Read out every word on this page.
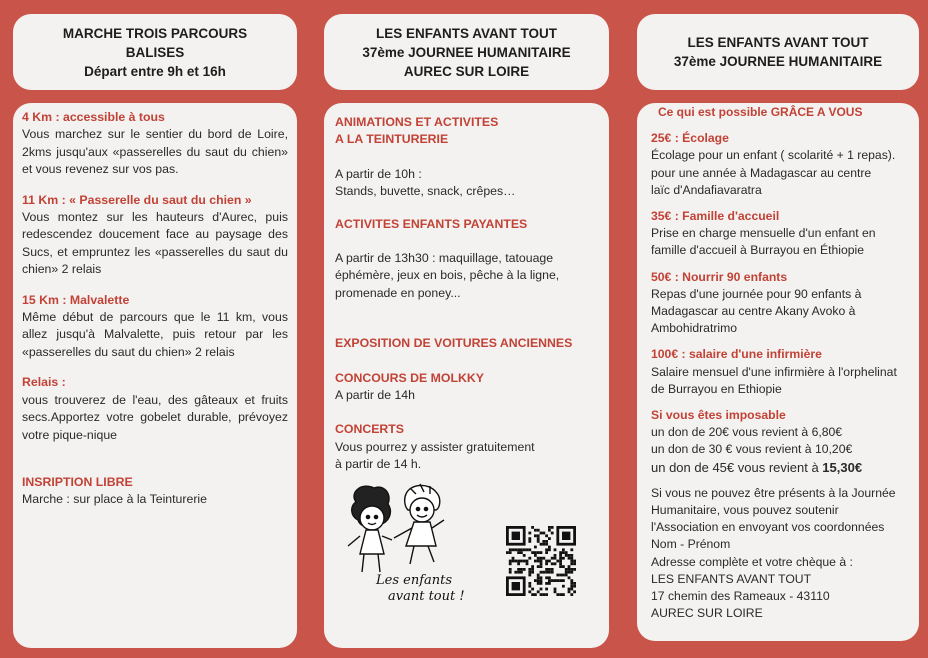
MARCHE TROIS PARCOURS
BALISES
Départ entre 9h et 16h
4 Km : accessible à tous
Vous marchez sur le sentier du bord de Loire, 2kms jusqu'aux «passerelles du saut du chien» et vous revenez sur vos pas.
11 Km : « Passerelle du saut du chien »
Vous montez sur les hauteurs d'Aurec, puis redescendez doucement face au paysage des Sucs, et empruntez les «passerelles du saut du chien» 2 relais
15 Km : Malvalette
Même début de parcours que le 11 km, vous allez jusqu'à Malvalette, puis retour par les «passerelles du saut du chien» 2 relais
Relais :
vous trouverez de l'eau, des gâteaux et fruits secs.Apportez votre gobelet durable, prévoyez votre pique-nique
INSRIPTION LIBRE
Marche : sur place à la Teinturerie
LES ENFANTS AVANT TOUT
37ème JOURNEE HUMANITAIRE
AUREC SUR LOIRE
ANIMATIONS ET ACTIVITES
A LA TEINTURERIE
A partir de 10h :
Stands, buvette, snack, crêpes…
ACTIVITES ENFANTS PAYANTES
A partir de 13h30 : maquillage, tatouage éphémère, jeux en bois, pêche à la ligne, promenade en poney...
EXPOSITION DE VOITURES ANCIENNES
CONCOURS DE MOLKKY
A partir de 14h
CONCERTS
Vous pourrez y assister gratuitement
à partir de 14 h.
Les enfants
avant tout !
LES ENFANTS AVANT TOUT
37ème JOURNEE HUMANITAIRE
Ce qui est possible GRÂCE A VOUS
25€ : Écolage
Écolage pour un enfant ( scolarité + 1 repas).
pour une année à Madagascar au centre
laïc d'Andafiavaratra
35€ : Famille d'accueil
Prise en charge mensuelle d'un enfant en
famille d'accueil à Burrayou en Éthiopie
50€ : Nourrir 90 enfants
Repas d'une journée pour 90 enfants à
Madagascar au centre Akany Avoko à
Ambohidratrimo
100€ : salaire d'une infirmière
Salaire mensuel d'une infirmière à l'orphelinat
de Burrayou en Ethiopie
Si vous êtes imposable
un don de 20€ vous revient à 6,80€
un don de 30 € vous revient à 10,20€
un don de 45€ vous revient à 15,30€
Si vous ne pouvez être présents à la Journée
Humanitaire, vous pouvez soutenir
l'Association en envoyant vos coordonnées
Nom - Prénom
Adresse complète et votre chèque à :
LES ENFANTS AVANT TOUT
17 chemin des Rameaux - 43110
AUREC SUR LOIRE
